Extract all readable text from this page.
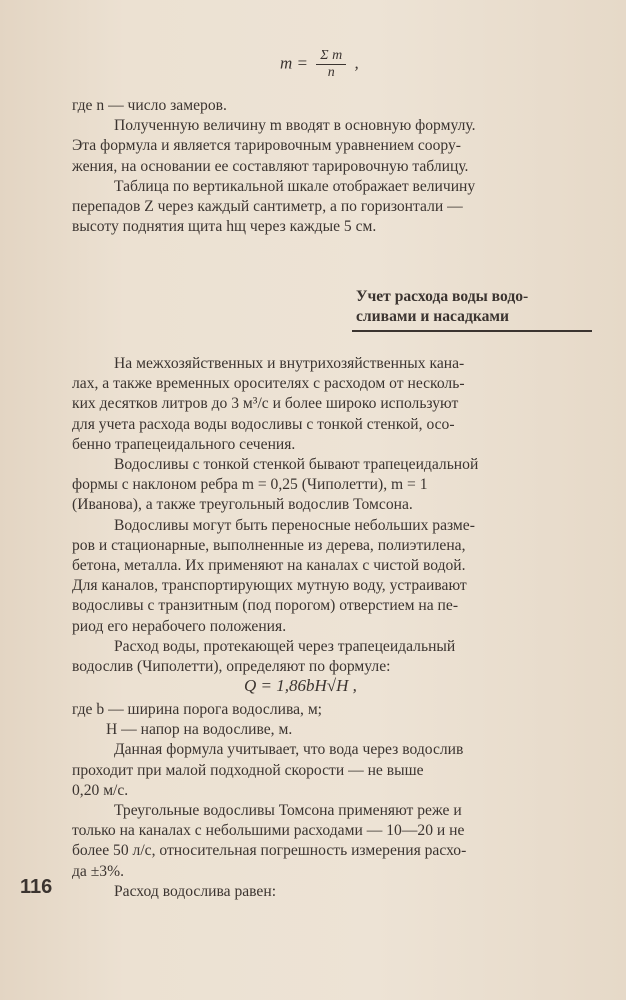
$m = \frac{\text{Σ m}}{n}$ ,
где n — число замеров.
Полученную величину m вводят в основную формулу.
Эта формула и является тарировочным уравнением соору-
жения, на основании ее составляют тарировочную таблицу.
Таблица по вертикальной шкале отображает величину
перепадов Z через каждый сантиметр, а по горизонтали —
высоту поднятия щита hщ через каждые 5 см.
Учет расхода воды водо-
сливами и насадками
На межхозяйственных и внутрихозяйственных кана-
лах, а также временных оросителях с расходом от несколь-
ких десятков литров до 3 м³/с и более широко используют
для учета расхода воды водосливы с тонкой стенкой, осо-
бенно трапецеидального сечения.
Водосливы с тонкой стенкой бывают трапецеидальной
формы с наклоном ребра m = 0,25 (Чиполетти), m = 1
(Иванова), а также треугольный водослив Томсона.
Водосливы могут быть переносные небольших разме-
ров и стационарные, выполненные из дерева, полиэтилена,
бетона, металла. Их применяют на каналах с чистой водой.
Для каналов, транспортирующих мутную воду, устраивают
водосливы с транзитным (под порогом) отверстием на пе-
риод его нерабочего положения.
Расход воды, протекающей через трапецеидальный
водослив (Чиполетти), определяют по формуле:
Q = 1,86bH√H ,
где b — ширина порога водослива, м;
H — напор на водосливе, м.
Данная формула учитывает, что вода через водослив
проходит при малой подходной скорости — не выше
0,20 м/с.
Треугольные водосливы Томсона применяют реже и
только на каналах с небольшими расходами — 10—20 и не
более 50 л/с, относительная погрешность измерения расхо-
да ±3%.
Расход водослива равен:
116
